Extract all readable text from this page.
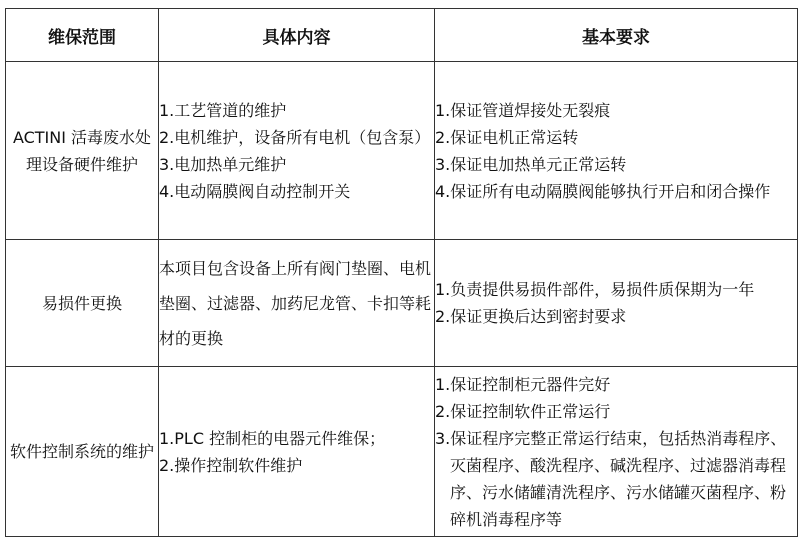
维保范围	具体内容	基本要求
ACTINI 活毒废水处理设备硬件维护	1.工艺管道的维护
2.电机维护，设备所有电机（包含泵）
3.电加热单元维护
4.电动隔膜阀自动控制开关	1.保证管道焊接处无裂痕
2.保证电机正常运转
3.保证电加热单元正常运转
4.保证所有电动隔膜阀能够执行开启和闭合操作

易损件更换	本项目包含设备上所有阀门垫圈、电机垫圈、过滤器、加药尼龙管、卡扣等耗材的更换	1.负责提供易损件部件，易损件质保期为一年
2.保证更换后达到密封要求

软件控制系统的维护	1.PLC 控制柜的电器元件维保；
2.操作控制软件维护	1.保证控制柜元器件完好
2.保证控制软件正常运行
3.保证程序完整正常运行结束，包括热消毒程序、灭菌程序、酸洗程序、碱洗程序、过滤器消毒程序、污水储罐清洗程序、污水储罐灭菌程序、粉碎机消毒程序等
